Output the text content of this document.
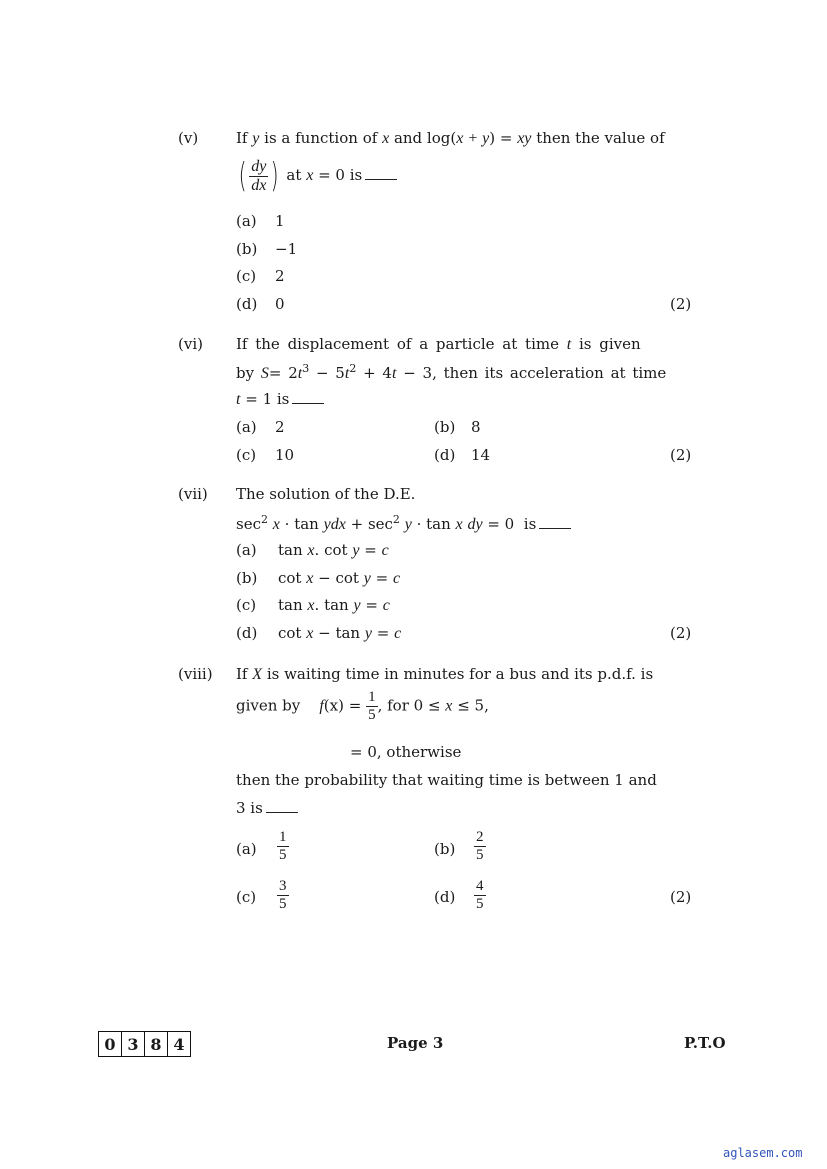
(v)	If y is a function of x and log(x + y) = xy then the value of
( $\frac{dy}{dx}$ ) at x = 0 is
(a) 1
(b) −1
(c) 2
(d) 0	(2)
(vi) If the displacement of a particle at time t is given
by $S= 2t^3 - 5t^2 + 4t - 3$, then its acceleration at time
t = 1 is
(a) 2	(b) 8
(c) 10	(d) 14	(2)
(vii) The solution of the D.E.
$\sec^2 x \cdot \tan$ ydx + $\sec^2 y \cdot \tan x$ dy = 0 is
(a) tan x. cot y = c
(b) cot x − cot y = c
(c) tan x. tan y = c
(d) cot x − tan y = c	(2)
(viii) If X is waiting time in minutes for a bus and its p.d.f. is
given by $f(x) = \frac{1}{5}$ , for 0 ≤ x ≤ 5,
= 0, otherwise
then the probability that waiting time is between 1 and
3 is
$(a) \frac{1}{5}$	$(b) \frac{2}{5}$
$(c) \frac{3}{5}$	$(d) \frac{4}{5}$	(2)
0 3 8 4	Page 3	P.T.O
aglasem.com
